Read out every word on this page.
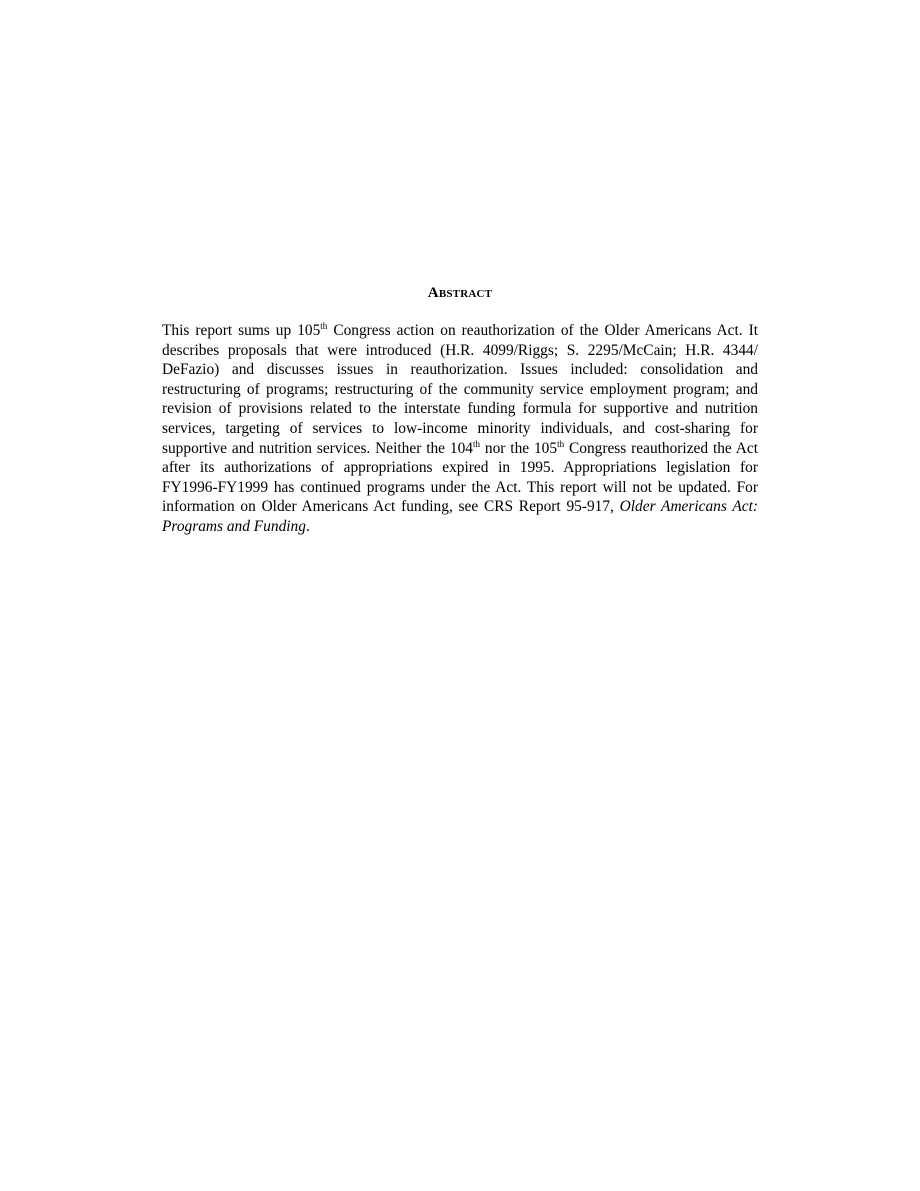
Abstract

This report sums up 105th Congress action on reauthorization of the Older Americans Act. It describes proposals that were introduced (H.R. 4099/Riggs; S. 2295/McCain; H.R. 4344/ DeFazio) and discusses issues in reauthorization. Issues included: consolidation and restructuring of programs; restructuring of the community service employment program; and revision of provisions related to the interstate funding formula for supportive and nutrition services, targeting of services to low-income minority individuals, and cost-sharing for supportive and nutrition services. Neither the 104th nor the 105th Congress reauthorized the Act after its authorizations of appropriations expired in 1995. Appropriations legislation for FY1996-FY1999 has continued programs under the Act. This report will not be updated. For information on Older Americans Act funding, see CRS Report 95-917, Older Americans Act: Programs and Funding.
